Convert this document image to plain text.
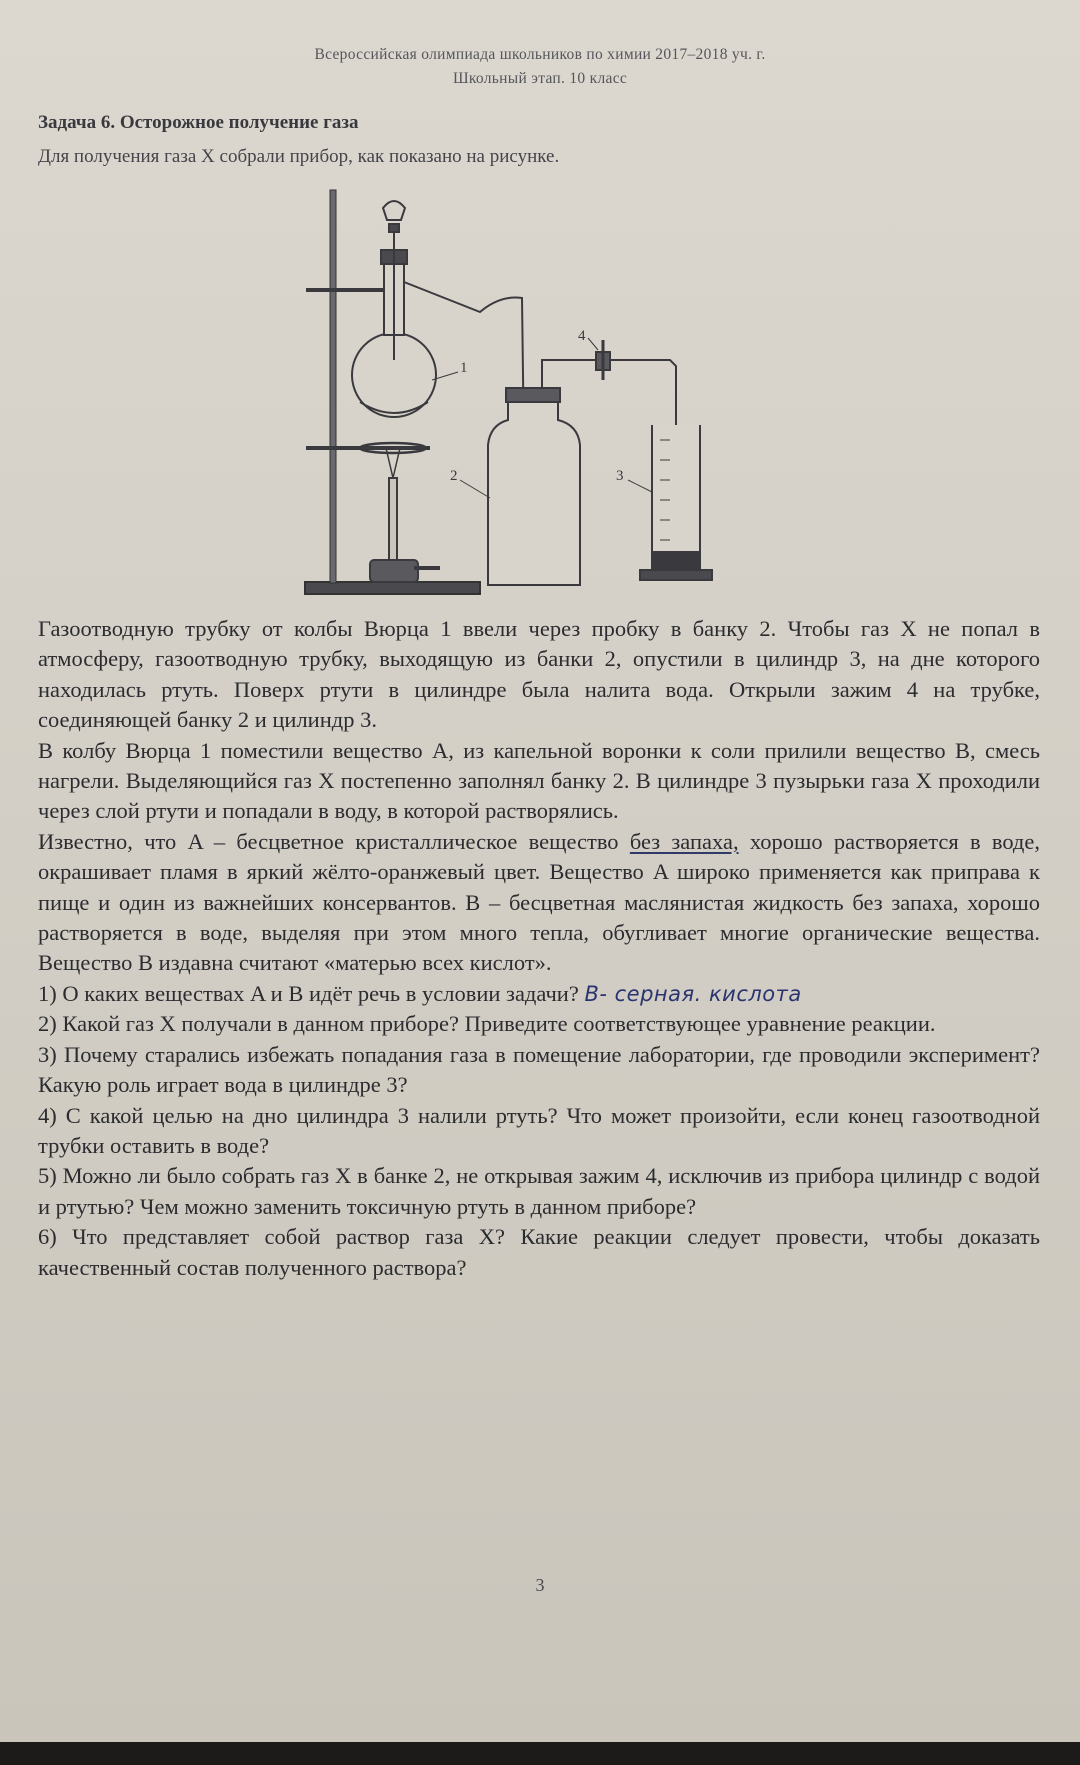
Всероссийская олимпиада школьников по химии 2017–2018 уч. г.
Школьный этап. 10 класс
Задача 6. Осторожное получение газа
Для получения газа X собрали прибор, как показано на рисунке.
1
2	3
4

Газоотводную трубку от колбы Вюрца 1 ввели через пробку в банку 2. Чтобы газ X не попал в атмосферу, газоотводную трубку, выходящую из банки 2, опустили в цилиндр 3, на дне которого находилась ртуть. Поверх ртути в цилиндре была налита вода. Открыли зажим 4 на трубке, соединяющей банку 2 и цилиндр 3.

В колбу Вюрца 1 поместили вещество A, из капельной воронки к соли прилили вещество B, смесь нагрели. Выделяющийся газ X постепенно заполнял банку 2. В цилиндре 3 пузырьки газа X проходили через слой ртути и попадали в воду, в которой растворялись.

Известно, что A – бесцветное кристаллическое вещество без запаха, хорошо растворяется в воде, окрашивает пламя в яркий жёлто-оранжевый цвет. Вещество A широко применяется как приправа к пище и один из важнейших консервантов. B – бесцветная маслянистая жидкость без запаха, хорошо растворяется в воде, выделяя при этом много тепла, обугливает многие органические вещества. Вещество B издавна считают «матерью всех кислот».

1) О каких веществах A и B идёт речь в условии задачи? В- серная. кислота

2) Какой газ X получали в данном приборе? Приведите соответствующее уравнение реакции.

3) Почему старались избежать попадания газа в помещение лаборатории, где проводили эксперимент? Какую роль играет вода в цилиндре 3?

4) С какой целью на дно цилиндра 3 налили ртуть? Что может произойти, если конец газоотводной трубки оставить в воде?

5) Можно ли было собрать газ X в банке 2, не открывая зажим 4, исключив из прибора цилиндр с водой и ртутью? Чем можно заменить токсичную ртуть в данном приборе?

6) Что представляет собой раствор газа X? Какие реакции следует провести, чтобы доказать качественный состав полученного раствора?

3
